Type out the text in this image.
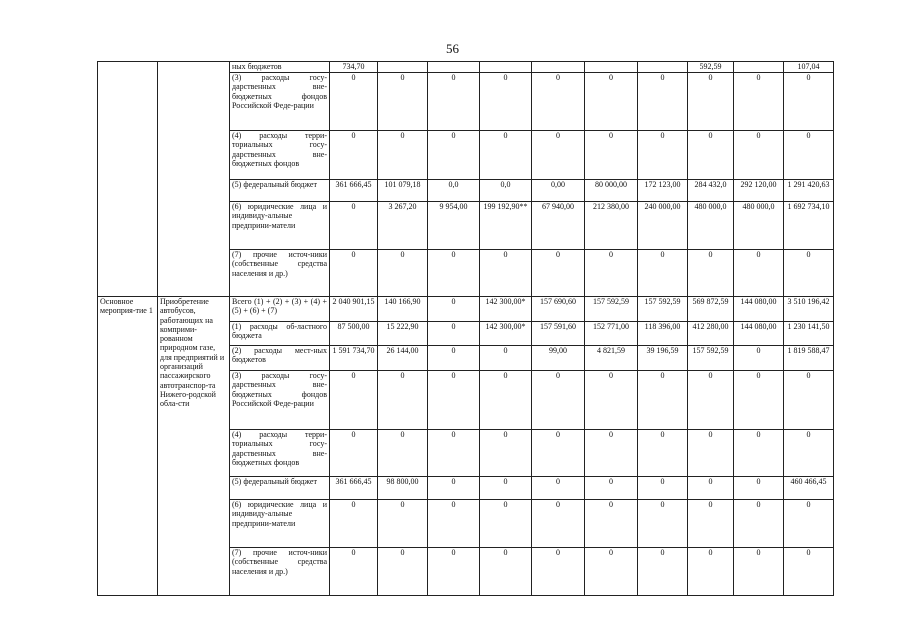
56
		ных бюджетов	734,70							592,59		107,04
		(3) расходы госу-дарственных вне-бюджетных фондов Российской Феде-рации	0	0	0	0	0	0	0	0	0	0
		(4) расходы терри-ториальных госу-дарственных вне-бюджетных фондов	0	0	0	0	0	0	0	0	0	0
		(5) федеральный бюджет	361 666,45	101 079,18	0,0	0,0	0,00	80 000,00	172 123,00	284 432,0	292 120,00	1 291 420,63
		(6) юридические лица и индивиду-альные предприни-матели	0	3 267,20	9 954,00	199 192,90**	67 940,00	212 380,00	240 000,00	480 000,0	480 000,0	1 692 734,10
		(7) прочие источ-ники (собственные средства населения и др.)	0	0	0	0	0	0	0	0	0	0
Основное мероприя-тие 1	Приобретение автобусов, работающих на комприми-рованном природном газе, для предприятий и организаций пассажирского автотранспор-та Нижего-родской обла-сти	Всего (1) + (2) + (3) + (4) + (5) + (6) + (7)	2 040 901,15	140 166,90	0	142 300,00*	157 690,60	157 592,59	157 592,59	569 872,59	144 080,00	3 510 196,42
		(1) расходы об-ластного бюджета	87 500,00	15 222,90	0	142 300,00*	157 591,60	152 771,00	118 396,00	412 280,00	144 080,00	1 230 141,50
		(2) расходы мест-ных бюджетов	1 591 734,70	26 144,00	0	0	99,00	4 821,59	39 196,59	157 592,59	0	1 819 588,47
		(3) расходы госу-дарственных вне-бюджетных фондов Российской Феде-рации	0	0	0	0	0	0	0	0	0	0
		(4) расходы терри-ториальных госу-дарственных вне-бюджетных фондов	0	0	0	0	0	0	0	0	0	0
		(5) федеральный бюджет	361 666,45	98 800,00	0	0	0	0	0	0	0	460 466,45
		(6) юридические лица и индивиду-альные предприни-матели	0	0	0	0	0	0	0	0	0	0
		(7) прочие источ-ники (собственные средства населения и др.)	0	0	0	0	0	0	0	0	0	0
